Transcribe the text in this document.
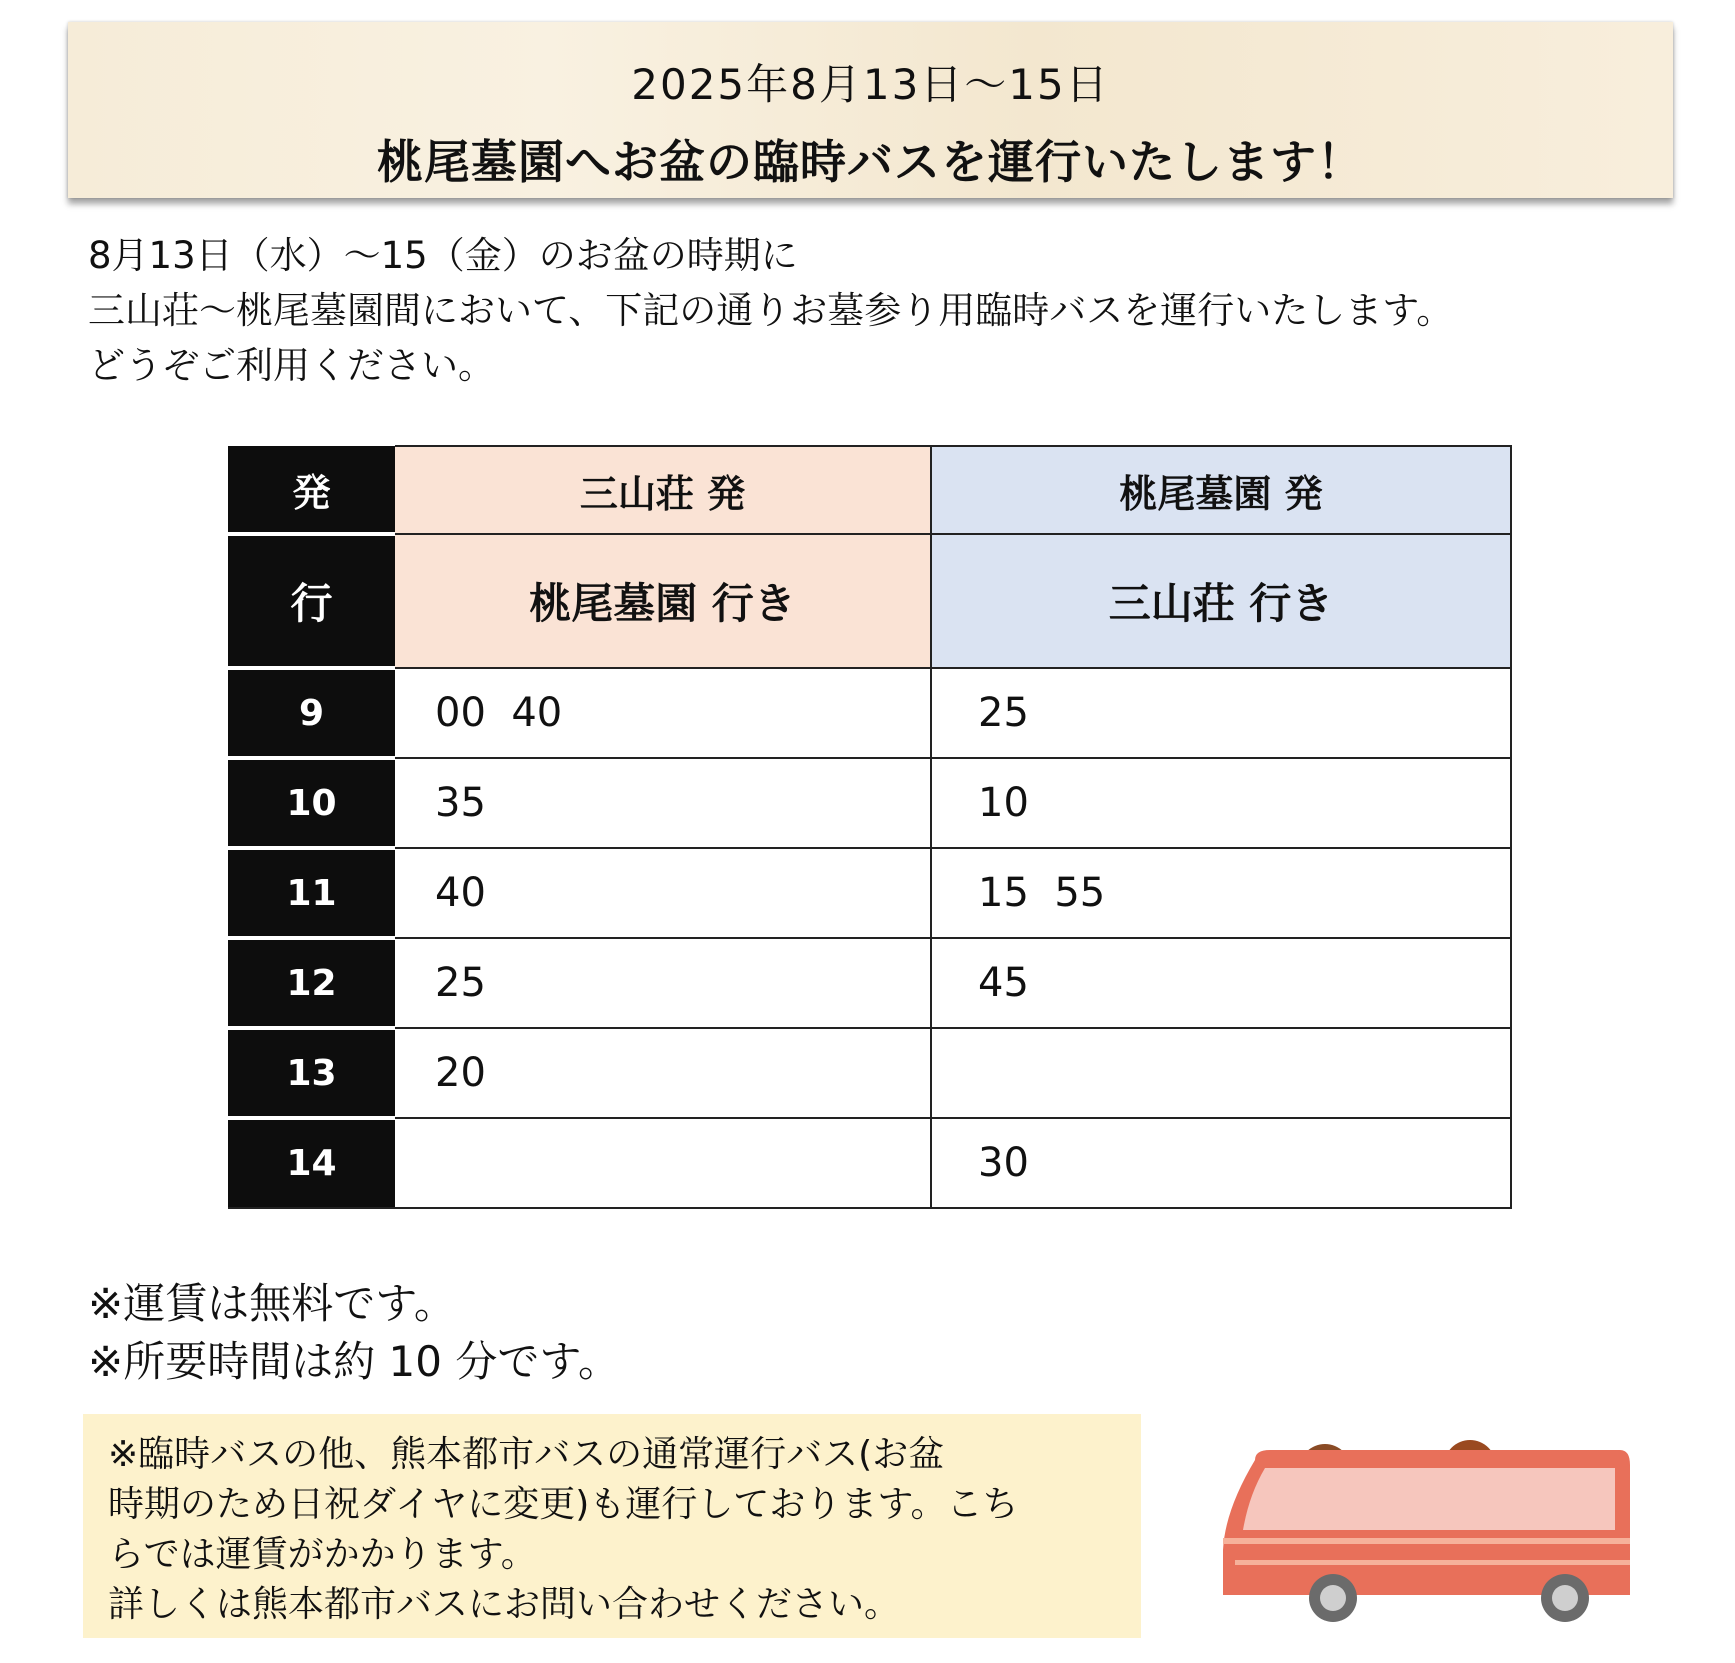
2025年8月13日～15日
桃尾墓園へお盆の臨時バスを運行いたします！
8月13日（水）～15（金）のお盆の時期に
三山荘～桃尾墓園間において、下記の通りお墓参り用臨時バスを運行いたします。
どうぞご利用ください。
発	三山荘 発	桃尾墓園 発
行	桃尾墓園 行き	三山荘 行き
9	00  40	25
10	35	10
11	40	15  55
12	25	45
13	20	
14		30
※運賃は無料です。
※所要時間は約 10 分です。
※臨時バスの他、熊本都市バスの通常運行バス(お盆
時期のため日祝ダイヤに変更)も運行しております。こち
らでは運賃がかかります。
詳しくは熊本都市バスにお問い合わせください。
